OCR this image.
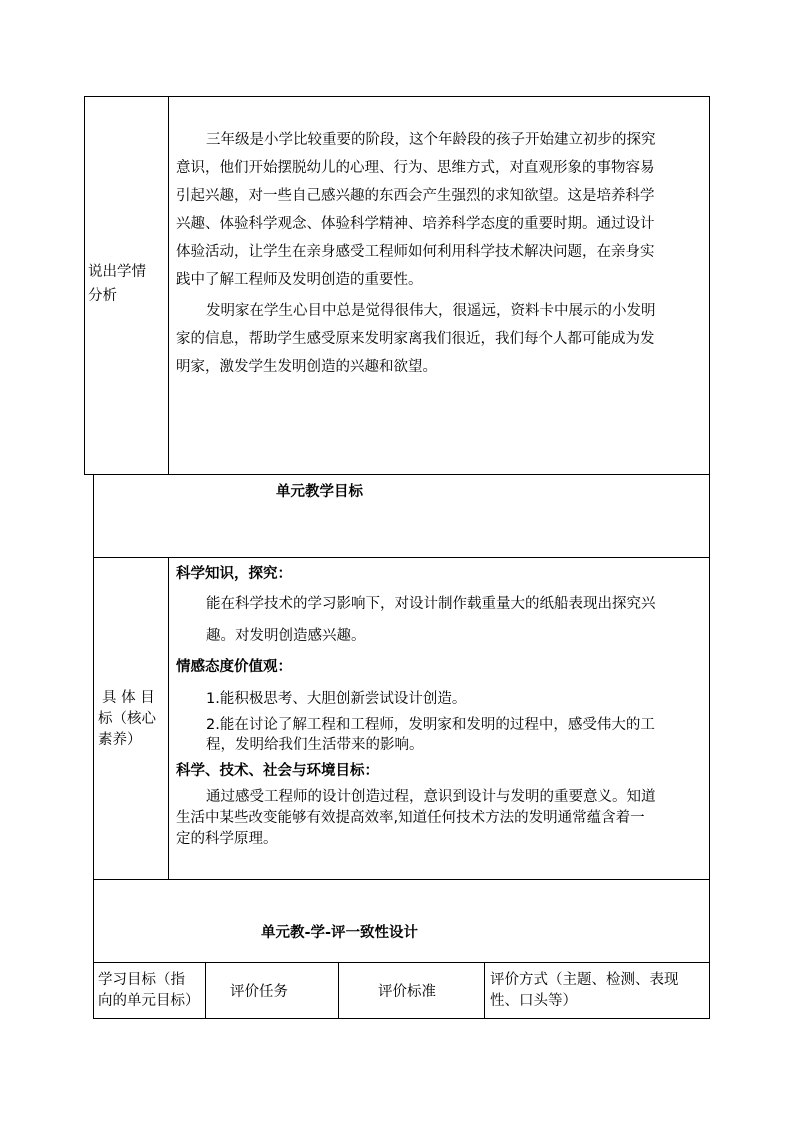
说出学情
分析
三年级是小学比较重要的阶段，这个年龄段的孩子开始建立初步的探究
意识，他们开始摆脱幼儿的心理、行为、思维方式，对直观形象的事物容易
引起兴趣，对一些自己感兴趣的东西会产生强烈的求知欲望。这是培养科学
兴趣、体验科学观念、体验科学精神、培养科学态度的重要时期。通过设计
体验活动，让学生在亲身感受工程师如何利用科学技术解决问题，在亲身实
践中了解工程师及发明创造的重要性。
发明家在学生心目中总是觉得很伟大，很遥远，资料卡中展示的小发明
家的信息，帮助学生感受原来发明家离我们很近，我们每个人都可能成为发
明家，激发学生发明创造的兴趣和欲望。
单元教学目标
具 体 目
标（核心
素养）
科学知识，探究：
能在科学技术的学习影响下，对设计制作载重量大的纸船表现出探究兴
趣。对发明创造感兴趣。
情感态度价值观：
1.能积极思考、大胆创新尝试设计创造。
2.能在讨论了解工程和工程师，发明家和发明的过程中，感受伟大的工
程，发明给我们生活带来的影响。
科学、技术、社会与环境目标：
通过感受工程师的设计创造过程，意识到设计与发明的重要意义。知道
生活中某些改变能够有效提高效率,知道任何技术方法的发明通常蕴含着一
定的科学原理。
单元教-学-评一致性设计
学习目标（指
向的单元目标）
评价任务	评价标准
评价方式（主题、检测、表现
性、口头等）
